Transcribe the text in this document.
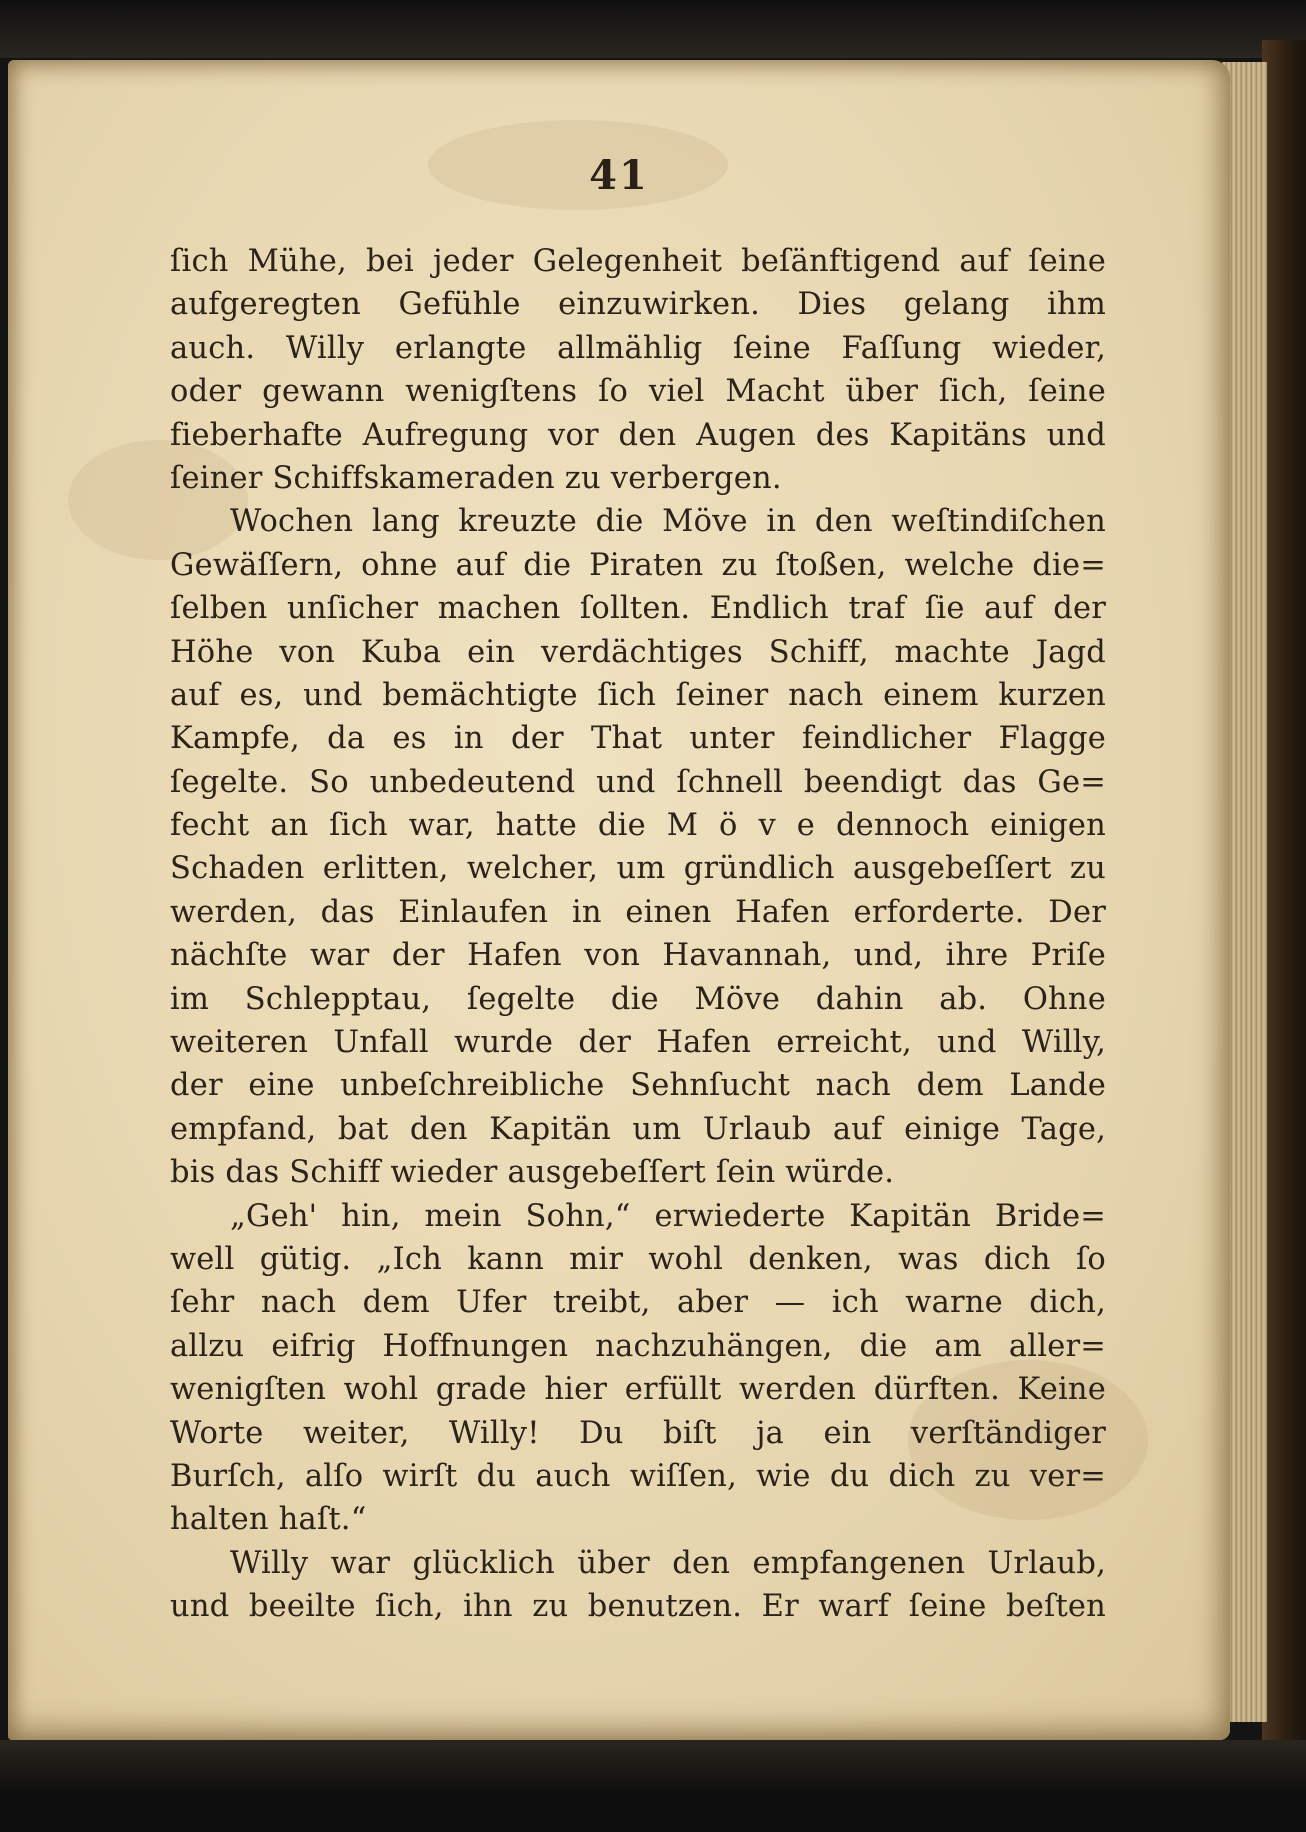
41
ſich Mühe, bei jeder Gelegenheit beſänftigend auf ſeine
aufgeregten Gefühle einzuwirken. Dies gelang ihm
auch. Willy erlangte allmählig ſeine Faſſung wieder,
oder gewann wenigſtens ſo viel Macht über ſich, ſeine
fieberhafte Aufregung vor den Augen des Kapitäns und
ſeiner Schiffskameraden zu verbergen.
Wochen lang kreuzte die Möve in den weſtindiſchen
Gewäſſern, ohne auf die Piraten zu ſtoßen, welche die=
ſelben unſicher machen ſollten. Endlich traf ſie auf der
Höhe von Kuba ein verdächtiges Schiff, machte Jagd
auf es, und bemächtigte ſich ſeiner nach einem kurzen
Kampfe, da es in der That unter feindlicher Flagge
ſegelte. So unbedeutend und ſchnell beendigt das Ge=
fecht an ſich war, hatte die M ö v e dennoch einigen
Schaden erlitten, welcher, um gründlich ausgebeſſert zu
werden, das Einlaufen in einen Hafen erforderte. Der
nächſte war der Hafen von Havannah, und, ihre Priſe
im Schlepptau, ſegelte die Möve dahin ab. Ohne
weiteren Unfall wurde der Hafen erreicht, und Willy,
der eine unbeſchreibliche Sehnſucht nach dem Lande
empfand, bat den Kapitän um Urlaub auf einige Tage,
bis das Schiff wieder ausgebeſſert ſein würde.
„Geh' hin, mein Sohn,“ erwiederte Kapitän Bride=
well gütig. „Ich kann mir wohl denken, was dich ſo
ſehr nach dem Ufer treibt, aber — ich warne dich,
allzu eifrig Hoffnungen nachzuhängen, die am aller=
wenigſten wohl grade hier erfüllt werden dürften. Keine
Worte weiter, Willy! Du biſt ja ein verſtändiger
Burſch, alſo wirſt du auch wiſſen, wie du dich zu ver=
halten haſt.“
Willy war glücklich über den empfangenen Urlaub,
und beeilte ſich, ihn zu benutzen. Er warf ſeine beſten
